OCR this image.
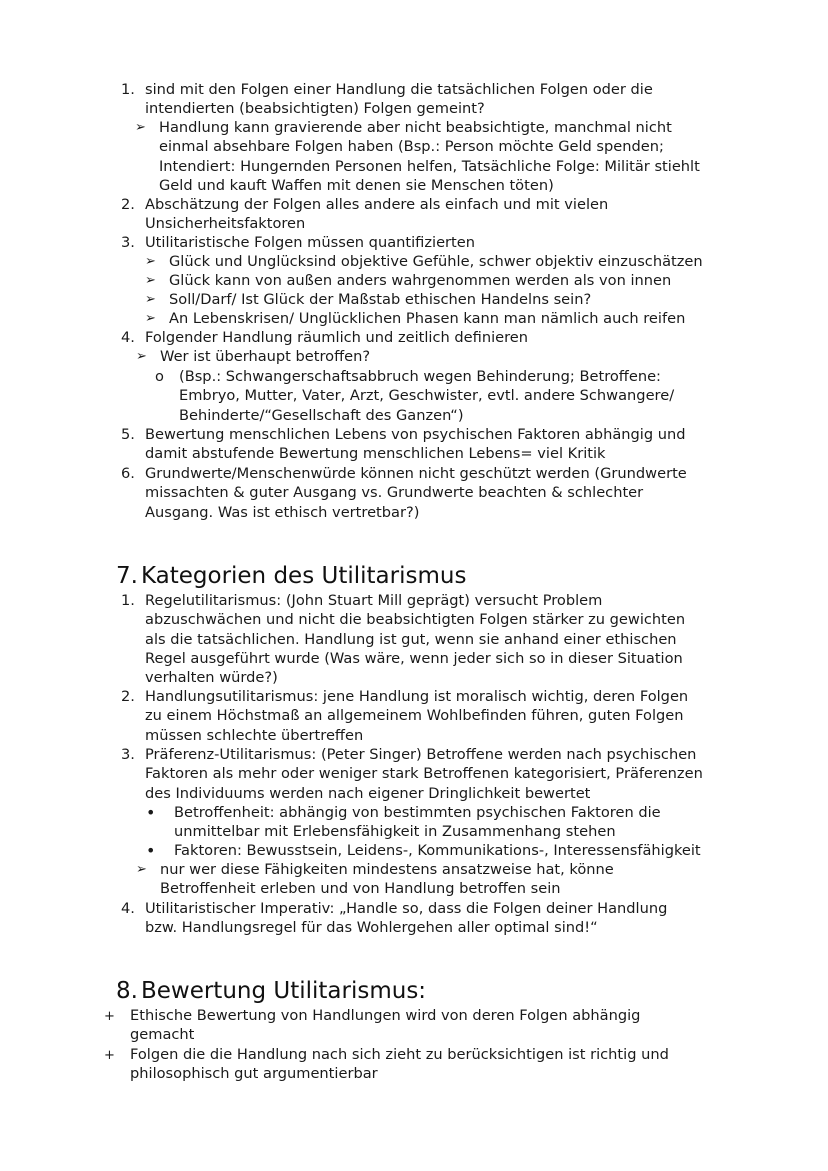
1. sind mit den Folgen einer Handlung die tatsächlichen Folgen oder die
intendierten (beabsichtigten) Folgen gemeint?
➢ Handlung kann gravierende aber nicht beabsichtigte, manchmal nicht
einmal absehbare Folgen haben (Bsp.: Person möchte Geld spenden;
Intendiert: Hungernden Personen helfen, Tatsächliche Folge: Militär stiehlt
Geld und kauft Waffen mit denen sie Menschen töten)
2. Abschätzung der Folgen alles andere als einfach und mit vielen
Unsicherheitsfaktoren
3. Utilitaristische Folgen müssen quantifizierten
➢ Glück und Unglücksind objektive Gefühle, schwer objektiv einzuschätzen
➢ Glück kann von außen anders wahrgenommen werden als von innen
➢ Soll/Darf/ Ist Glück der Maßstab ethischen Handelns sein?
➢ An Lebenskrisen/ Unglücklichen Phasen kann man nämlich auch reifen
4. Folgender Handlung räumlich und zeitlich definieren
➢ Wer ist überhaupt betroffen?
o (Bsp.: Schwangerschaftsabbruch wegen Behinderung; Betroffene:
Embryo, Mutter, Vater, Arzt, Geschwister, evtl. andere Schwangere/
Behinderte/“Gesellschaft des Ganzen“)
5. Bewertung menschlichen Lebens von psychischen Faktoren abhängig und
damit abstufende Bewertung menschlichen Lebens= viel Kritik
6. Grundwerte/Menschenwürde können nicht geschützt werden (Grundwerte
missachten & guter Ausgang vs. Grundwerte beachten & schlechter
Ausgang. Was ist ethisch vertretbar?)
7. Kategorien des Utilitarismus
1. Regelutilitarismus: (John Stuart Mill geprägt) versucht Problem
abzuschwächen und nicht die beabsichtigten Folgen stärker zu gewichten
als die tatsächlichen. Handlung ist gut, wenn sie anhand einer ethischen
Regel ausgeführt wurde (Was wäre, wenn jeder sich so in dieser Situation
verhalten würde?)
2. Handlungsutilitarismus: jene Handlung ist moralisch wichtig, deren Folgen
zu einem Höchstmaß an allgemeinem Wohlbefinden führen, guten Folgen
müssen schlechte übertreffen
3. Präferenz-Utilitarismus: (Peter Singer) Betroffene werden nach psychischen
Faktoren als mehr oder weniger stark Betroffenen kategorisiert, Präferenzen
des Individuums werden nach eigener Dringlichkeit bewertet
• Betroffenheit: abhängig von bestimmten psychischen Faktoren die
unmittelbar mit Erlebensfähigkeit in Zusammenhang stehen
• Faktoren: Bewusstsein, Leidens-, Kommunikations-, Interessensfähigkeit
➢ nur wer diese Fähigkeiten mindestens ansatzweise hat, könne
Betroffenheit erleben und von Handlung betroffen sein
4. Utilitaristischer Imperativ: „Handle so, dass die Folgen deiner Handlung
bzw. Handlungsregel für das Wohlergehen aller optimal sind!“
8. Bewertung Utilitarismus:
+ Ethische Bewertung von Handlungen wird von deren Folgen abhängig
gemacht
+ Folgen die die Handlung nach sich zieht zu berücksichtigen ist richtig und
philosophisch gut argumentierbar
